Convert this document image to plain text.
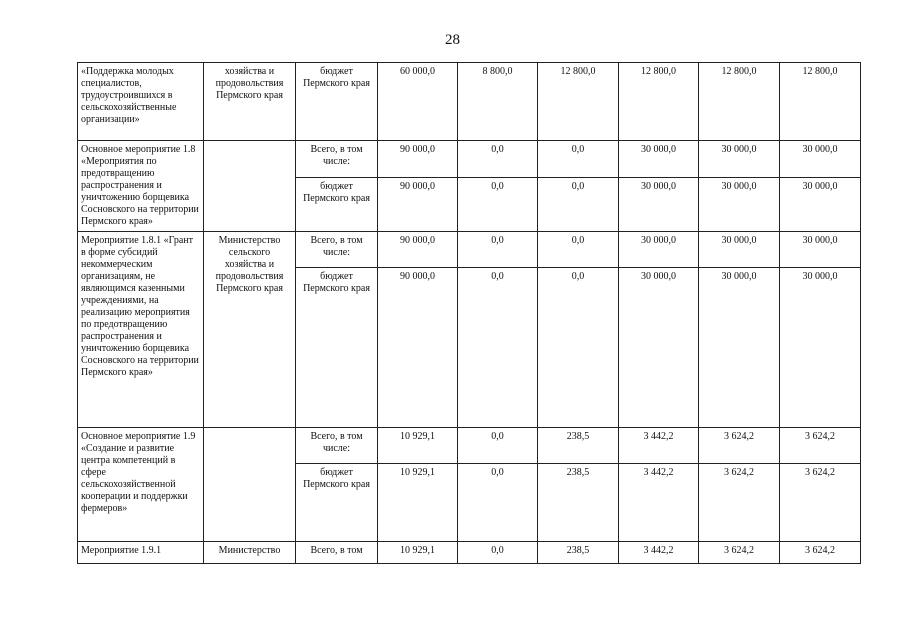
28
«Поддержка молодых специалистов, трудоустроившихся в сельскохозяйственные организации»	хозяйства и продовольствия Пермского края	бюджет Пермского края	60 000,0	8 800,0	12 800,0	12 800,0	12 800,0	12 800,0
Основное мероприятие 1.8 «Мероприятия по предотвращению распространения и уничтожению борщевика Сосновского на территории Пермского края»		Всего, в том числе:	90 000,0	0,0	0,0	30 000,0	30 000,0	30 000,0
		бюджет Пермского края	90 000,0	0,0	0,0	30 000,0	30 000,0	30 000,0
Мероприятие 1.8.1 «Грант в форме субсидий некоммерческим организациям, не являющимся казенными учреждениями, на реализацию мероприятия по предотвращению распространения и уничтожению борщевика Сосновского на территории Пермского края»	Министерство сельского хозяйства и продовольствия Пермского края	Всего, в том числе:	90 000,0	0,0	0,0	30 000,0	30 000,0	30 000,0
		бюджет Пермского края	90 000,0	0,0	0,0	30 000,0	30 000,0	30 000,0
Основное мероприятие 1.9 «Создание и развитие центра компетенций в сфере сельскохозяйственной кооперации и поддержки фермеров»		Всего, в том числе:	10 929,1	0,0	238,5	3 442,2	3 624,2	3 624,2
		бюджет Пермского края	10 929,1	0,0	238,5	3 442,2	3 624,2	3 624,2
Мероприятие 1.9.1	Министерство	Всего, в том	10 929,1	0,0	238,5	3 442,2	3 624,2	3 624,2
